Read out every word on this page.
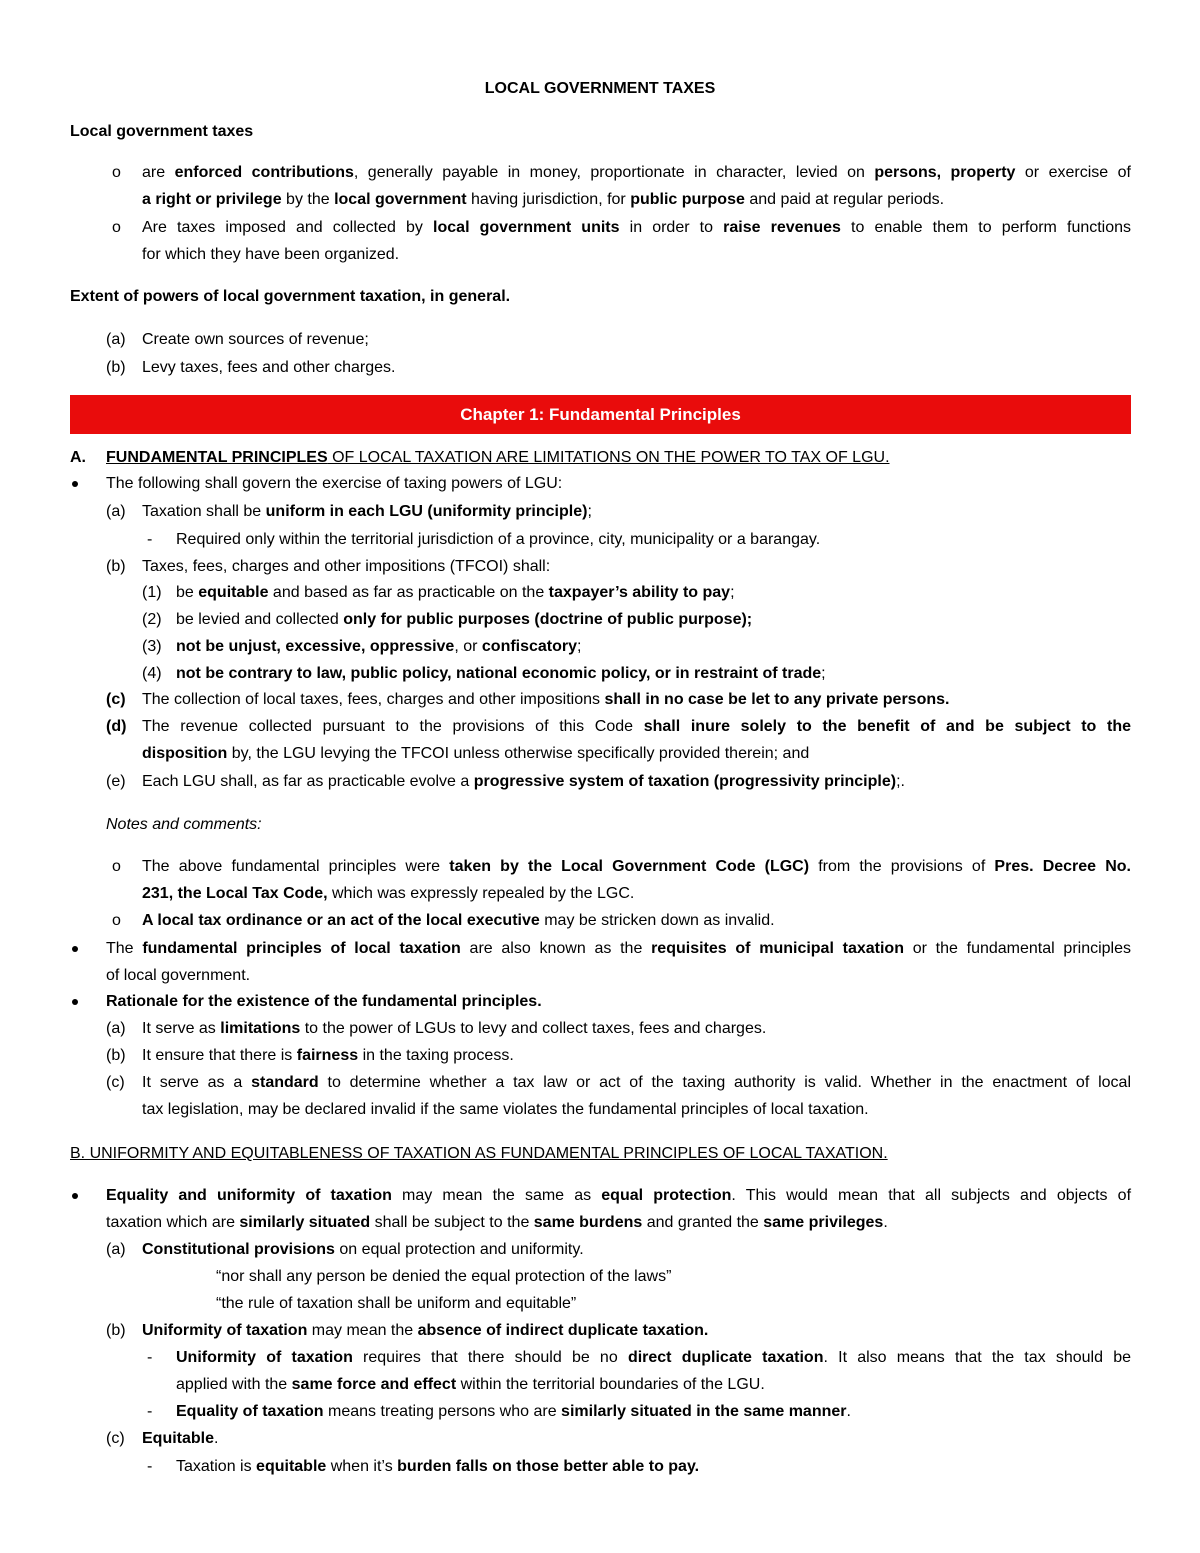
LOCAL GOVERNMENT TAXES
Local government taxes
o are enforced contributions, generally payable in money, proportionate in character, levied on persons, property or exercise of
a right or privilege by the local government having jurisdiction, for public purpose and paid at regular periods.
o Are taxes imposed and collected by local government units in order to raise revenues to enable them to perform functions
for which they have been organized.
Extent of powers of local government taxation, in general.
(a) Create own sources of revenue;
(b) Levy taxes, fees and other charges.
Chapter 1: Fundamental Principles
A. FUNDAMENTAL PRINCIPLES OF LOCAL TAXATION ARE LIMITATIONS ON THE POWER TO TAX OF LGU.
The following shall govern the exercise of taxing powers of LGU:
(a) Taxation shall be uniform in each LGU (uniformity principle);
- Required only within the territorial jurisdiction of a province, city, municipality or a barangay.
(b) Taxes, fees, charges and other impositions (TFCOI) shall:
(1) be equitable and based as far as practicable on the taxpayer’s ability to pay;
(2) be levied and collected only for public purposes (doctrine of public purpose);
(3) not be unjust, excessive, oppressive, or confiscatory;
(4) not be contrary to law, public policy, national economic policy, or in restraint of trade;
(c) The collection of local taxes, fees, charges and other impositions shall in no case be let to any private persons.
(d) The revenue collected pursuant to the provisions of this Code shall inure solely to the benefit of and be subject to the
disposition by, the LGU levying the TFCOI unless otherwise specifically provided therein; and
(e) Each LGU shall, as far as practicable evolve a progressive system of taxation (progressivity principle);.
Notes and comments:
o The above fundamental principles were taken by the Local Government Code (LGC) from the provisions of Pres. Decree No.
231, the Local Tax Code, which was expressly repealed by the LGC.
o A local tax ordinance or an act of the local executive may be stricken down as invalid.
The fundamental principles of local taxation are also known as the requisites of municipal taxation or the fundamental principles
of local government.
Rationale for the existence of the fundamental principles.
(a) It serve as limitations to the power of LGUs to levy and collect taxes, fees and charges.
(b) It ensure that there is fairness in the taxing process.
(c) It serve as a standard to determine whether a tax law or act of the taxing authority is valid. Whether in the enactment of local
tax legislation, may be declared invalid if the same violates the fundamental principles of local taxation.
B. UNIFORMITY AND EQUITABLENESS OF TAXATION AS FUNDAMENTAL PRINCIPLES OF LOCAL TAXATION.
Equality and uniformity of taxation may mean the same as equal protection. This would mean that all subjects and objects of
taxation which are similarly situated shall be subject to the same burdens and granted the same privileges.
(a) Constitutional provisions on equal protection and uniformity.
“nor shall any person be denied the equal protection of the laws”
“the rule of taxation shall be uniform and equitable”
(b) Uniformity of taxation may mean the absence of indirect duplicate taxation.
- Uniformity of taxation requires that there should be no direct duplicate taxation. It also means that the tax should be
applied with the same force and effect within the territorial boundaries of the LGU.
- Equality of taxation means treating persons who are similarly situated in the same manner.
(c) Equitable.
- Taxation is equitable when it’s burden falls on those better able to pay.
